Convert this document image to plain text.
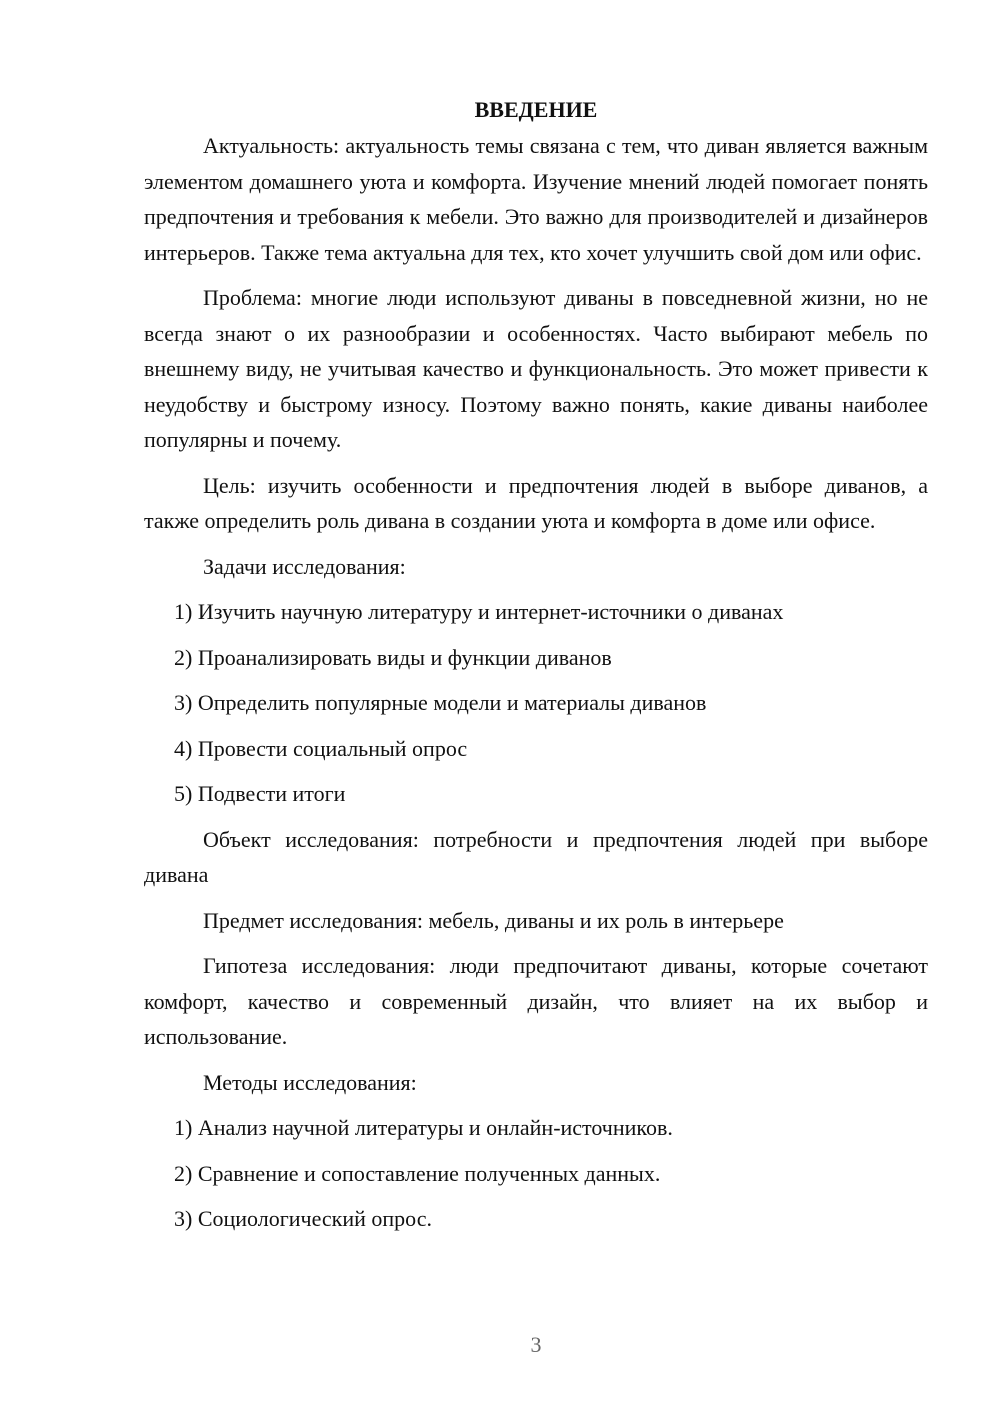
ВВЕДЕНИЕ

Актуальность: актуальность темы связана с тем, что диван является важным элементом домашнего уюта и комфорта. Изучение мнений людей помогает понять предпочтения и требования к мебели. Это важно для производителей и дизайнеров интерьеров. Также тема актуальна для тех, кто хочет улучшить свой дом или офис.

Проблема: многие люди используют диваны в повседневной жизни, но не всегда знают о их разнообразии и особенностях. Часто выбирают мебель по внешнему виду, не учитывая качество и функциональность. Это может привести к неудобству и быстрому износу. Поэтому важно понять, какие диваны наиболее популярны и почему.

Цель: изучить особенности и предпочтения людей в выборе диванов, а также определить роль дивана в создании уюта и комфорта в доме или офисе.

Задачи исследования:

1) Изучить научную литературу и интернет-источники о диванах

2) Проанализировать виды и функции диванов

3) Определить популярные модели и материалы диванов

4) Провести социальный опрос

5) Подвести итоги

Объект исследования: потребности и предпочтения людей при выборе дивана

Предмет исследования: мебель, диваны и их роль в интерьере

Гипотеза исследования: люди предпочитают диваны, которые сочетают комфорт, качество и современный дизайн, что влияет на их выбор и использование.

Методы исследования:

1) Анализ научной литературы и онлайн-источников.

2) Сравнение и сопоставление полученных данных.

3) Социологический опрос.

3
